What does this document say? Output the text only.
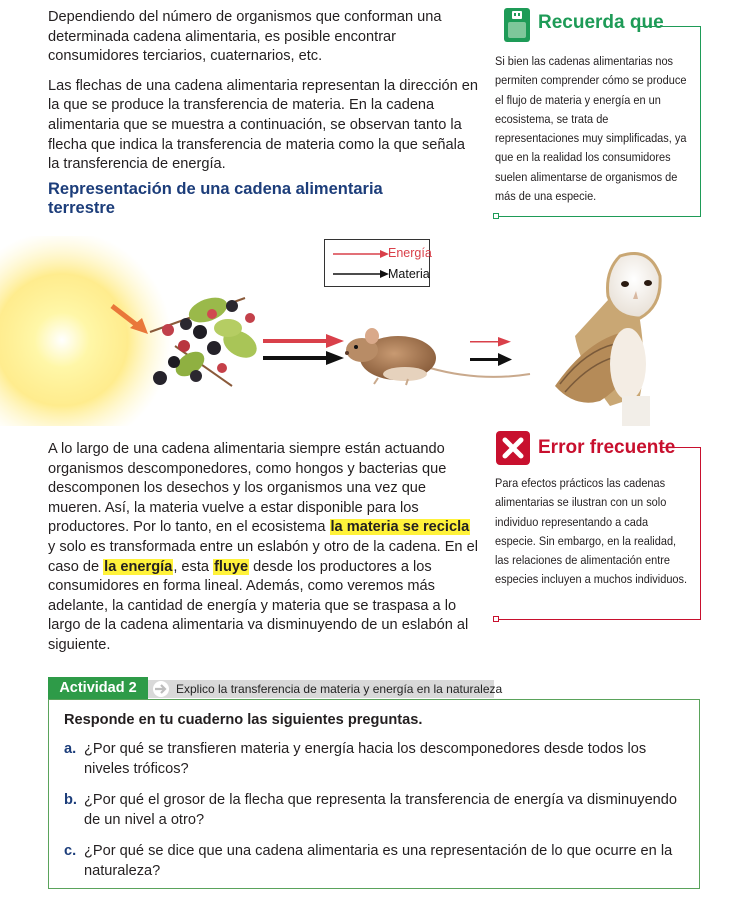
Dependiendo del número de organismos que conforman una determinada cadena alimentaria, es posible encontrar consumidores terciarios, cuaternarios, etc.

Las flechas de una cadena alimentaria representan la dirección en la que se produce la transferencia de materia. En la cadena alimentaria que se muestra a continuación, se observan tanto la flecha que indica la transferencia de materia como la que señala la transferencia de energía.

Representación de una cadena alimentaria terrestre
Recuerda que
Si bien las cadenas alimentarias nos permiten comprender cómo se produce el flujo de materia y energía en un ecosistema, se trata de representaciones muy simplificadas, ya que en la realidad los consumidores suelen alimentarse de organismos de más de una especie.
Energía
Materia
A lo largo de una cadena alimentaria siempre están actuando organismos descomponedores, como hongos y bacterias que descomponen los desechos y los organismos una vez que mueren. Así, la materia vuelve a estar disponible para los productores. Por lo tanto, en el ecosistema la materia se recicla y solo es transformada entre un eslabón y otro de la cadena. En el caso de la energía, esta fluye desde los productores a los consumidores en forma lineal. Además, como veremos más adelante, la cantidad de energía y materia que se traspasa a lo largo de la cadena alimentaria va disminuyendo de un eslabón al siguiente.
Error frecuente
Para efectos prácticos las cadenas alimentarias se ilustran con un solo individuo representando a cada especie. Sin embargo, en la realidad, las relaciones de alimentación entre especies incluyen a muchos individuos.
Actividad 2	Explico la transferencia de materia y energía en la naturaleza
Responde en tu cuaderno las siguientes preguntas.
a. ¿Por qué se transfieren materia y energía hacia los descomponedores desde todos los niveles tróficos?
b. ¿Por qué el grosor de la flecha que representa la transferencia de energía va disminuyendo de un nivel a otro?
c. ¿Por qué se dice que una cadena alimentaria es una representación de lo que ocurre en la naturaleza?
